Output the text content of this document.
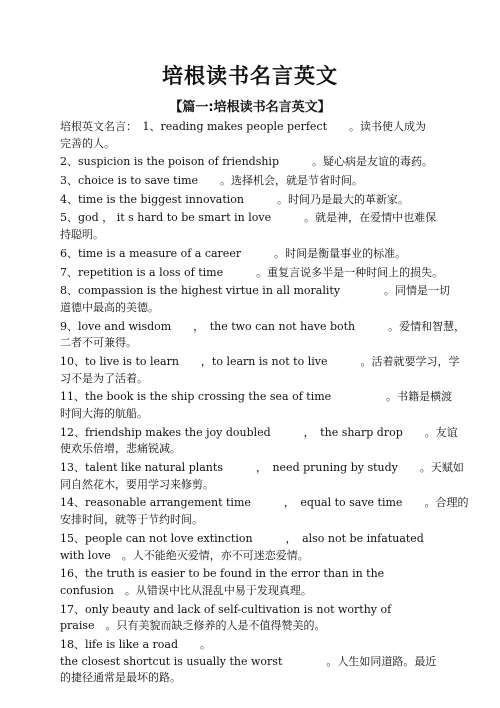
培根读书名言英文
【篇一:培根读书名言英文】
培根英文名言：　1、reading makes people perfect　　。读书使人成为
完善的人。
2、suspicion is the poison of friendship　　　。疑心病是友谊的毒药。
3、choice is to save time　　。选择机会，就是节省时间。
4、time is the biggest innovation　　　。时间乃是最大的革新家。
5、god ， it s hard to be smart in love　　　。就是神，在爱情中也难保
持聪明。
6、time is a measure of a career　　　。时间是衡量事业的标准。
7、repetition is a loss of time　　　。重复言说多半是一种时间上的损失。
8、compassion is the highest virtue in all morality　　　　。同情是一切
道德中最高的美德。
9、love and wisdom　　，　the two can not have both　　　。爱情和智慧，
二者不可兼得。
10、to live is to learn　　，to learn is not to live　　　。活着就要学习，学
习不是为了活着。
11、the book is the ship crossing the sea of time　　　　　。书籍是横渡
时间大海的航船。
12、friendship makes the joy doubled　　　，　the sharp drop　　。友谊
使欢乐倍增，悲痛锐减。
13、talent like natural plants　　　，　need pruning by study　　。天赋如
同自然花木，要用学习来修剪。
14、reasonable arrangement time　　　，　equal to save time　　。合理的
安排时间，就等于节约时间。
15、people can not love extinction　　　，　also not be infatuated
with love　。人不能绝灭爱情，亦不可迷恋爱情。
16、the truth is easier to be found in the error than in the
confusion　。从错误中比从混乱中易于发现真理。
17、only beauty and lack of self-cultivation is not worthy of
praise　。只有美貌而缺乏修养的人是不值得赞美的。
18、life is like a road　　。
the closest shortcut is usually the worst　　　　。人生如同道路。最近
的捷径通常是最坏的路。
